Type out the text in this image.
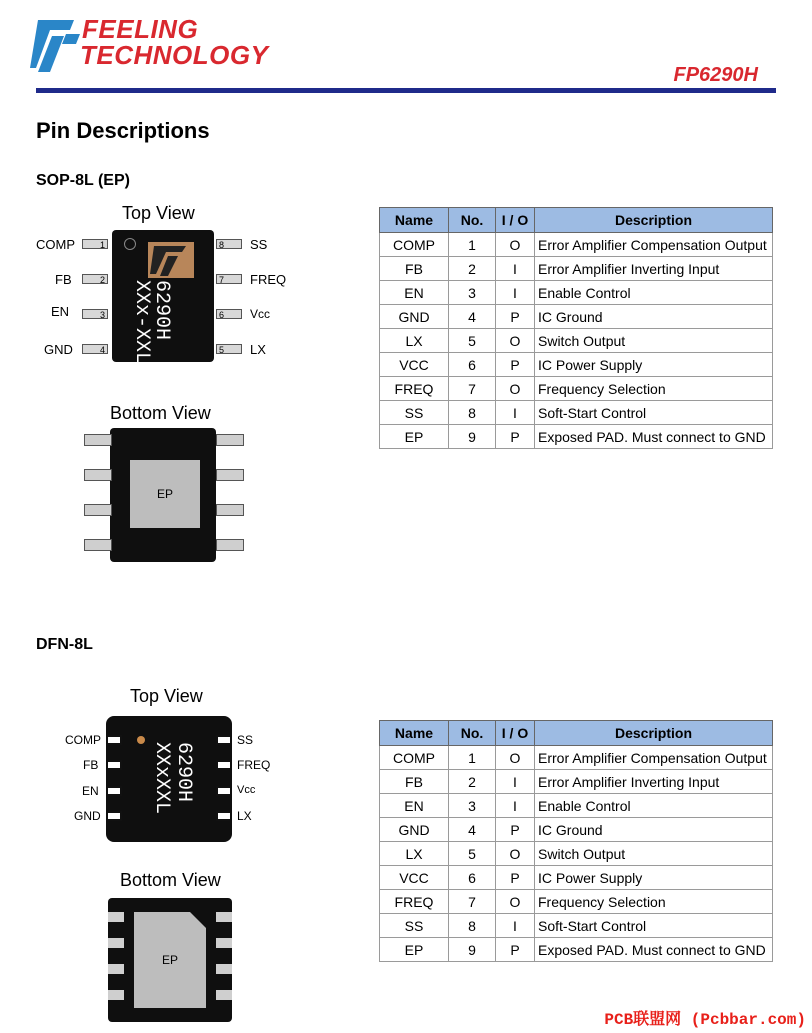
FEELING
TECHNOLOGY
FP6290H
Pin Descriptions
SOP-8L (EP)
Top View
6290H
XXx-XXL
1
2
3
4
COMP
FB
EN
GND
8
7
6
5
SS
FREQ
Vcc
LX
Bottom View
EP
Name	No.	I / O	Description
COMP	1	O	Error Amplifier Compensation Output
FB	2	I	Error Amplifier Inverting Input
EN	3	I	Enable Control
GND	4	P	IC Ground
LX	5	O	Switch Output
VCC	6	P	IC Power Supply
FREQ	7	O	Frequency Selection
SS	8	I	Soft-Start Control
EP	9	P	Exposed PAD. Must connect to GND
DFN-8L
Top View
6290H
XXxXXL
COMP
FB
EN
GND
SS
FREQ
Vcc
LX
Bottom View
EP
Name	No.	I / O	Description
COMP	1	O	Error Amplifier Compensation Output
FB	2	I	Error Amplifier Inverting Input
EN	3	I	Enable Control
GND	4	P	IC Ground
LX	5	O	Switch Output
VCC	6	P	IC Power Supply
FREQ	7	O	Frequency Selection
SS	8	I	Soft-Start Control
EP	9	P	Exposed PAD. Must connect to GND
PCB联盟网 (Pcbbar.com)
